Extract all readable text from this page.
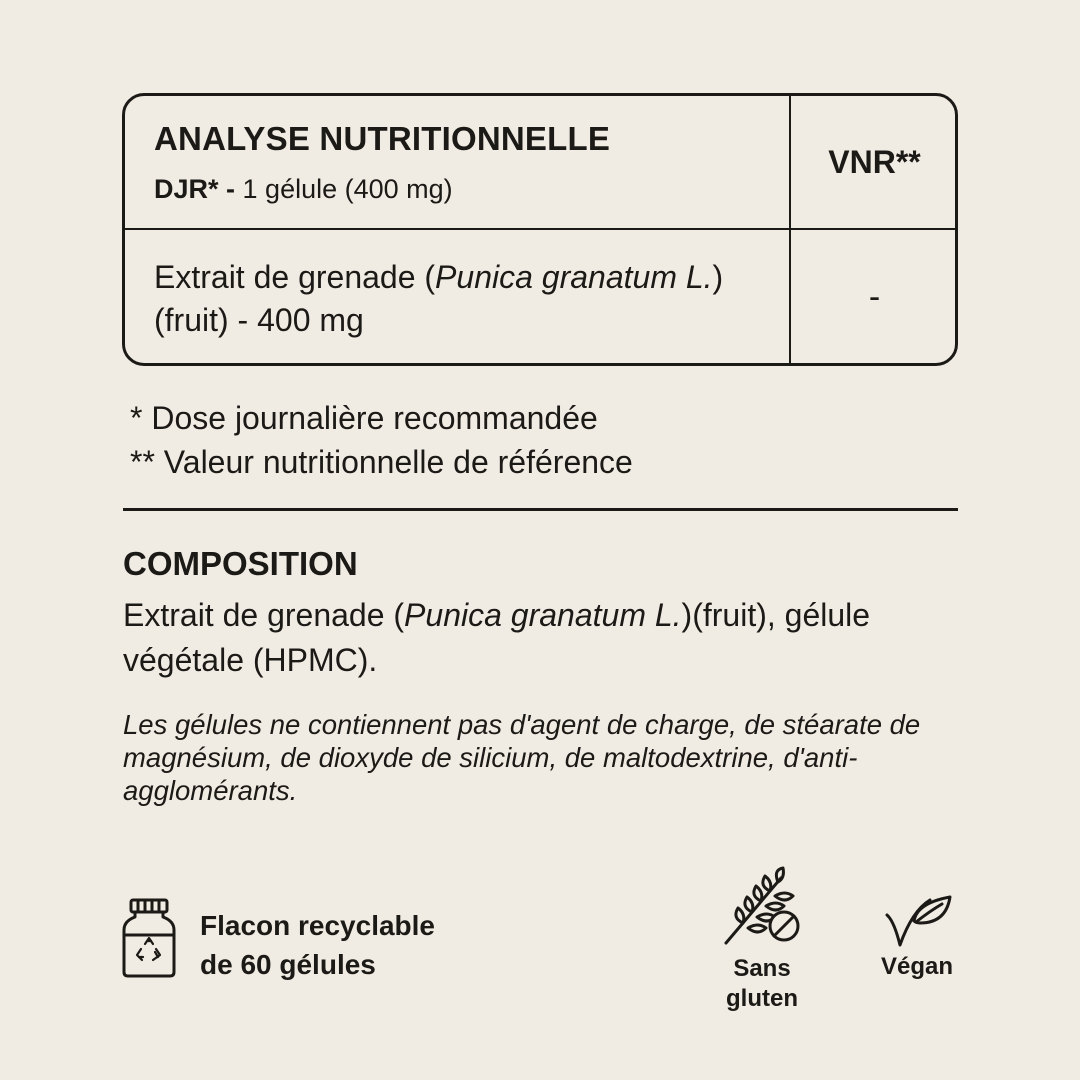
ANALYSE NUTRITIONNELLE
DJR* - 1 gélule (400 mg)
VNR**
Extrait de grenade (Punica granatum L.)(fruit) - 400 mg
-
* Dose journalière recommandée
** Valeur nutritionnelle de référence
COMPOSITION
Extrait de grenade (Punica granatum L.)(fruit), gélule végétale (HPMC).
Les gélules ne contiennent pas d'agent de charge, de stéarate de magnésium, de dioxyde de silicium, de maltodextrine, d'anti-agglomérants.
Flacon recyclable
de 60 gélules	Sans
gluten
Végan
